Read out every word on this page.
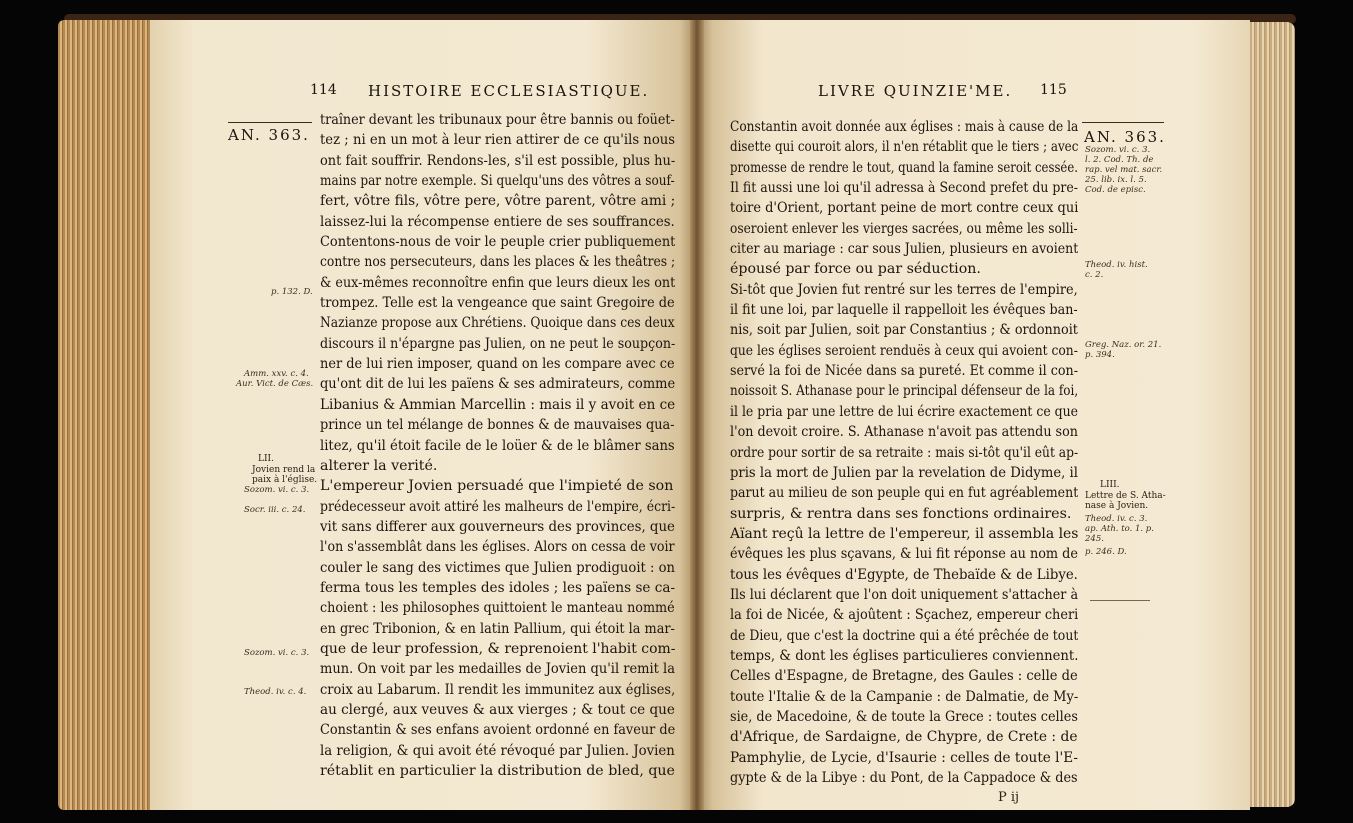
114 HISTOIRE ECCLESIASTIQUE.
AN. 363.
traîner devant les tribunaux pour être bannis ou foüet-
tez ; ni en un mot à leur rien attirer de ce qu'ils nous
ont fait souffrir. Rendons-les, s'il est possible, plus hu-
mains par notre exemple. Si quelqu'uns des vôtres a souf-
fert, vôtre fils, vôtre pere, vôtre parent, vôtre ami ;
laissez-lui la récompense entiere de ses souffrances.
Contentons-nous de voir le peuple crier publiquement
contre nos persecuteurs, dans les places & les theâtres ;
& eux-mêmes reconnoître enfin que leurs dieux les ont
trompez. Telle est la vengeance que saint Gregoire de
Nazianze propose aux Chrétiens. Quoique dans ces deux
discours il n'épargne pas Julien, on ne peut le soupçon-
ner de lui rien imposer, quand on les compare avec ce
qu'ont dit de lui les païens & ses admirateurs, comme
Libanius & Ammian Marcellin : mais il y avoit en ce
prince un tel mélange de bonnes & de mauvaises qua-
litez, qu'il étoit facile de le loüer & de le blâmer sans
alterer la verité.
L'empereur Jovien persuadé que l'impieté de son
prédecesseur avoit attiré les malheurs de l'empire, écri-
vit sans differer aux gouverneurs des provinces, que
l'on s'assemblât dans les églises. Alors on cessa de voir
couler le sang des victimes que Julien prodiguoit : on
ferma tous les temples des idoles ; les païens se ca-
choient : les philosophes quittoient le manteau nommé
en grec Tribonion, & en latin Pallium, qui étoit la mar-
que de leur profession, & reprenoient l'habit com-
mun. On voit par les medailles de Jovien qu'il remit la
croix au Labarum. Il rendit les immunitez aux églises,
au clergé, aux veuves & aux vierges ; & tout ce que
Constantin & ses enfans avoient ordonné en faveur de
la religion, & qui avoit été révoqué par Julien. Jovien
rétablit en particulier la distribution de bled, que
p. 132. D.
Amm. xxv. c. 4.
Aur. Vict. de Cæs.
LII.
Jovien rend la
paix à l'église.
Sozom. vi. c. 3.
Socr. iii. c. 24.
Sozom. vi. c. 3.
Theod. iv. c. 4.
LIVRE QUINZIE'ME. 115
AN. 363.
Constantin avoit donnée aux églises : mais à cause de la
disette qui couroit alors, il n'en rétablit que le tiers ; avec
promesse de rendre le tout, quand la famine seroit cessée.
Il fit aussi une loi qu'il adressa à Second prefet du pre-
toire d'Orient, portant peine de mort contre ceux qui
oseroient enlever les vierges sacrées, ou même les solli-
citer au mariage : car sous Julien, plusieurs en avoient
épousé par force ou par séduction.
Si-tôt que Jovien fut rentré sur les terres de l'empire,
il fit une loi, par laquelle il rappelloit les évêques ban-
nis, soit par Julien, soit par Constantius ; & ordonnoit
que les églises seroient renduës à ceux qui avoient con-
servé la foi de Nicée dans sa pureté. Et comme il con-
noissoit S. Athanase pour le principal défenseur de la foi,
il le pria par une lettre de lui écrire exactement ce que
l'on devoit croire. S. Athanase n'avoit pas attendu son
ordre pour sortir de sa retraite : mais si-tôt qu'il eût ap-
pris la mort de Julien par la revelation de Didyme, il
parut au milieu de son peuple qui en fut agréablement
surpris, & rentra dans ses fonctions ordinaires.
Aïant reçû la lettre de l'empereur, il assembla les
évêques les plus sçavans, & lui fit réponse au nom de
tous les évêques d'Egypte, de Thebaïde & de Libye.
Ils lui déclarent que l'on doit uniquement s'attacher à
la foi de Nicée, & ajoûtent : Sçachez, empereur cheri
de Dieu, que c'est la doctrine qui a été prêchée de tout
temps, & dont les églises particulieres conviennent.
Celles d'Espagne, de Bretagne, des Gaules : celle de
toute l'Italie & de la Campanie : de Dalmatie, de My-
sie, de Macedoine, & de toute la Grece : toutes celles
d'Afrique, de Sardaigne, de Chypre, de Crete : de
Pamphylie, de Lycie, d'Isaurie : celles de toute l'E-
gypte & de la Libye : du Pont, de la Cappadoce & des
Sozom. vi. c. 3.
l. 2. Cod. Th. de
rap. vel mat. sacr.
25. lib. ix. l. 5.
Cod. de episc.
Theod. iv. hist.
c. 2.
Greg. Naz. or. 21.
p. 394.
LIII.
Lettre de S. Atha-
nase à Jovien.
Theod. iv. c. 3.
ap. Ath. to. 1. p.
245.
p. 246. D.
P ij
